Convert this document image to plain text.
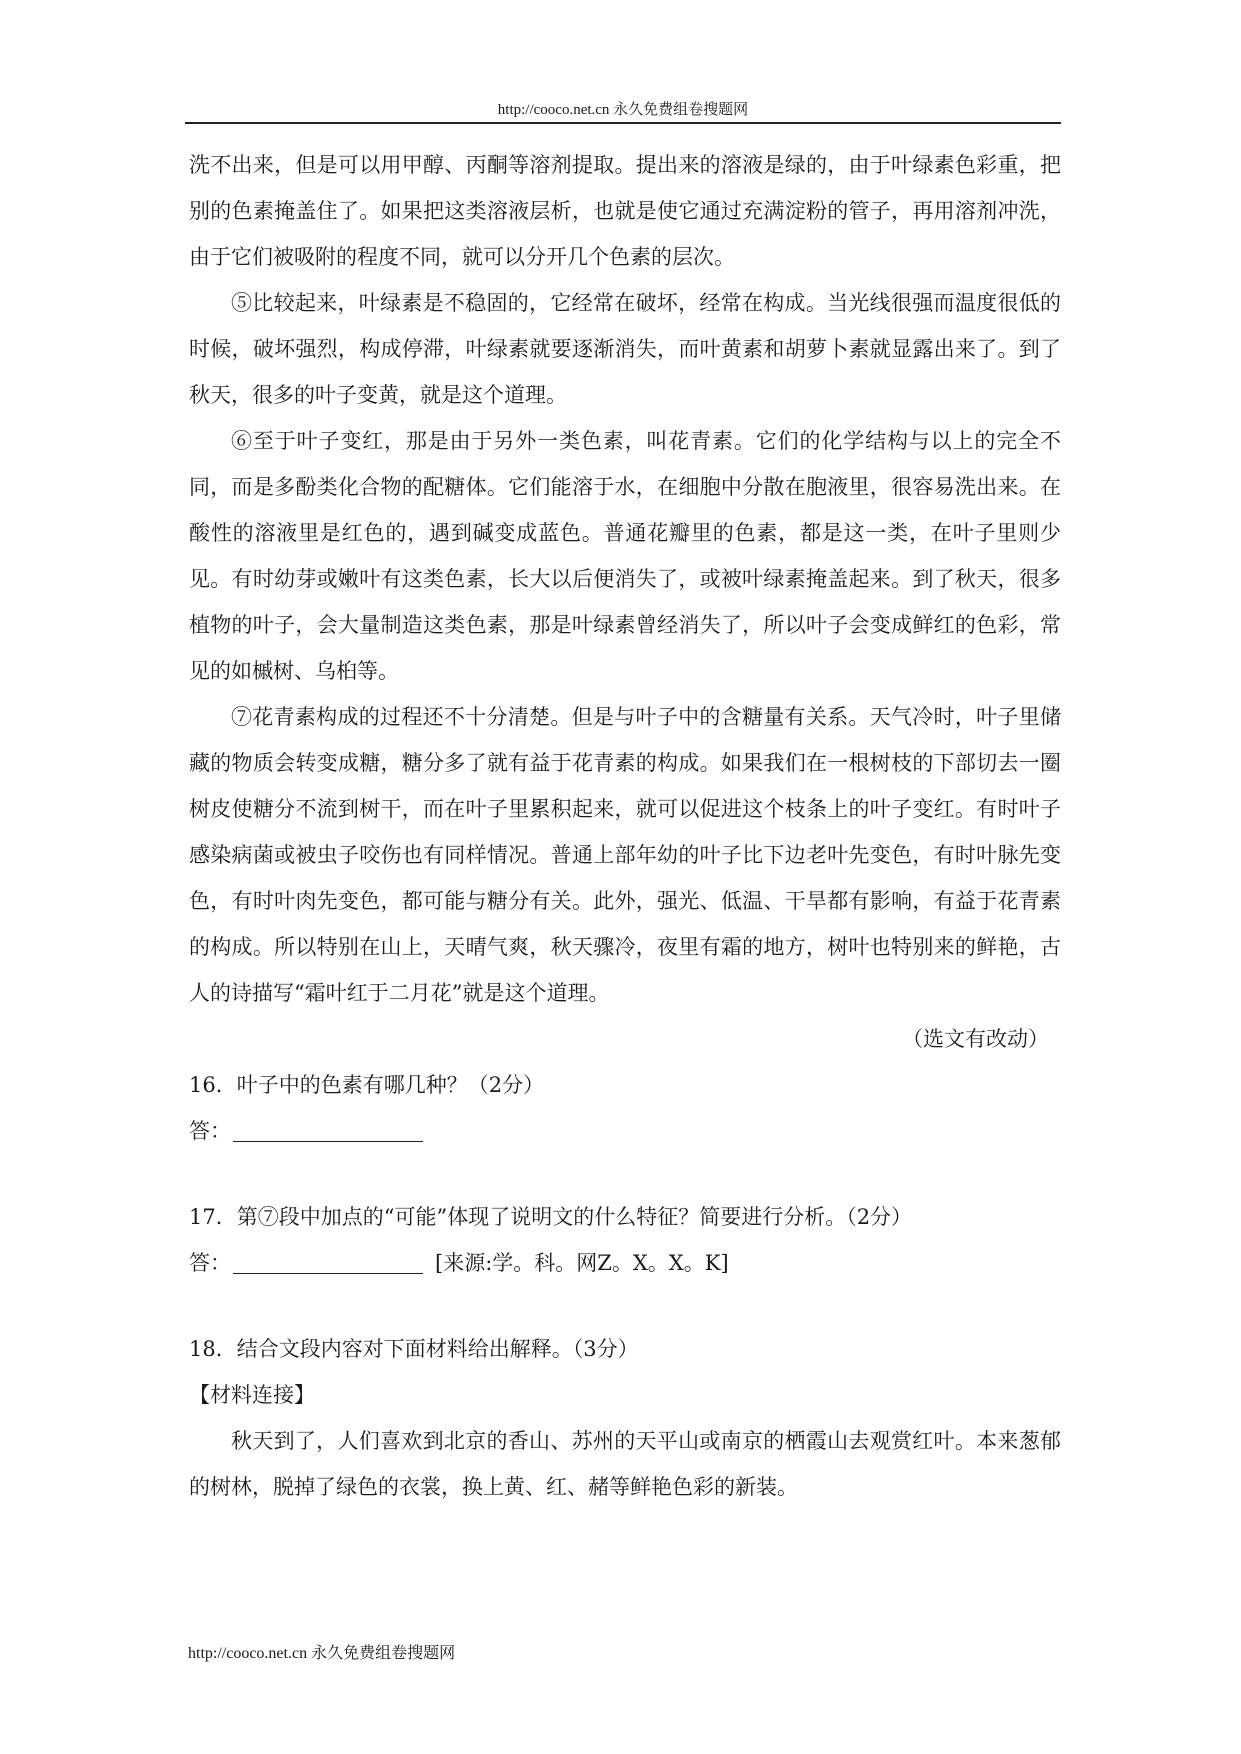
http://cooco.net.cn 永久免费组卷搜题网

洗不出来，但是可以用甲醇、丙酮等溶剂提取。提出来的溶液是绿的，由于叶绿素色彩重，把别的色素掩盖住了。如果把这类溶液层析，也就是使它通过充满淀粉的管子，再用溶剂冲洗，由于它们被吸附的程度不同，就可以分开几个色素的层次。

⑤比较起来，叶绿素是不稳固的，它经常在破坏，经常在构成。当光线很强而温度很低的时候，破坏强烈，构成停滞，叶绿素就要逐渐消失，而叶黄素和胡萝卜素就显露出来了。到了秋天，很多的叶子变黄，就是这个道理。

⑥至于叶子变红，那是由于另外一类色素，叫花青素。它们的化学结构与以上的完全不同，而是多酚类化合物的配糖体。它们能溶于水，在细胞中分散在胞液里，很容易洗出来。在酸性的溶液里是红色的，遇到碱变成蓝色。普通花瓣里的色素，都是这一类，在叶子里则少见。有时幼芽或嫩叶有这类色素，长大以后便消失了，或被叶绿素掩盖起来。到了秋天，很多植物的叶子，会大量制造这类色素，那是叶绿素曾经消失了，所以叶子会变成鲜红的色彩，常见的如槭树、乌桕等。

⑦花青素构成的过程还不十分清楚。但是与叶子中的含糖量有关系。天气冷时，叶子里储藏的物质会转变成糖，糖分多了就有益于花青素的构成。如果我们在一根树枝的下部切去一圈树皮使糖分不流到树干，而在叶子里累积起来，就可以促进这个枝条上的叶子变红。有时叶子感染病菌或被虫子咬伤也有同样情况。普通上部年幼的叶子比下边老叶先变色，有时叶脉先变色，有时叶肉先变色，都可能与糖分有关。此外，强光、低温、干旱都有影响，有益于花青素的构成。所以特别在山上，天晴气爽，秋天骤冷，夜里有霜的地方，树叶也特别来的鲜艳，古人的诗描写“霜叶红于二月花”就是这个道理。

（选文有改动）

16．叶子中的色素有哪几种？（2分）

答：

17．第⑦段中加点的“可能”体现了说明文的什么特征？简要进行分析。（2分）

答：	[来源:学。科。网Z。X。X。K]

18．结合文段内容对下面材料给出解释。（3分）

【材料连接】

秋天到了，人们喜欢到北京的香山、苏州的天平山或南京的栖霞山去观赏红叶。本来葱郁的树林，脱掉了绿色的衣裳，换上黄、红、赭等鲜艳色彩的新装。

http://cooco.net.cn 永久免费组卷搜题网
